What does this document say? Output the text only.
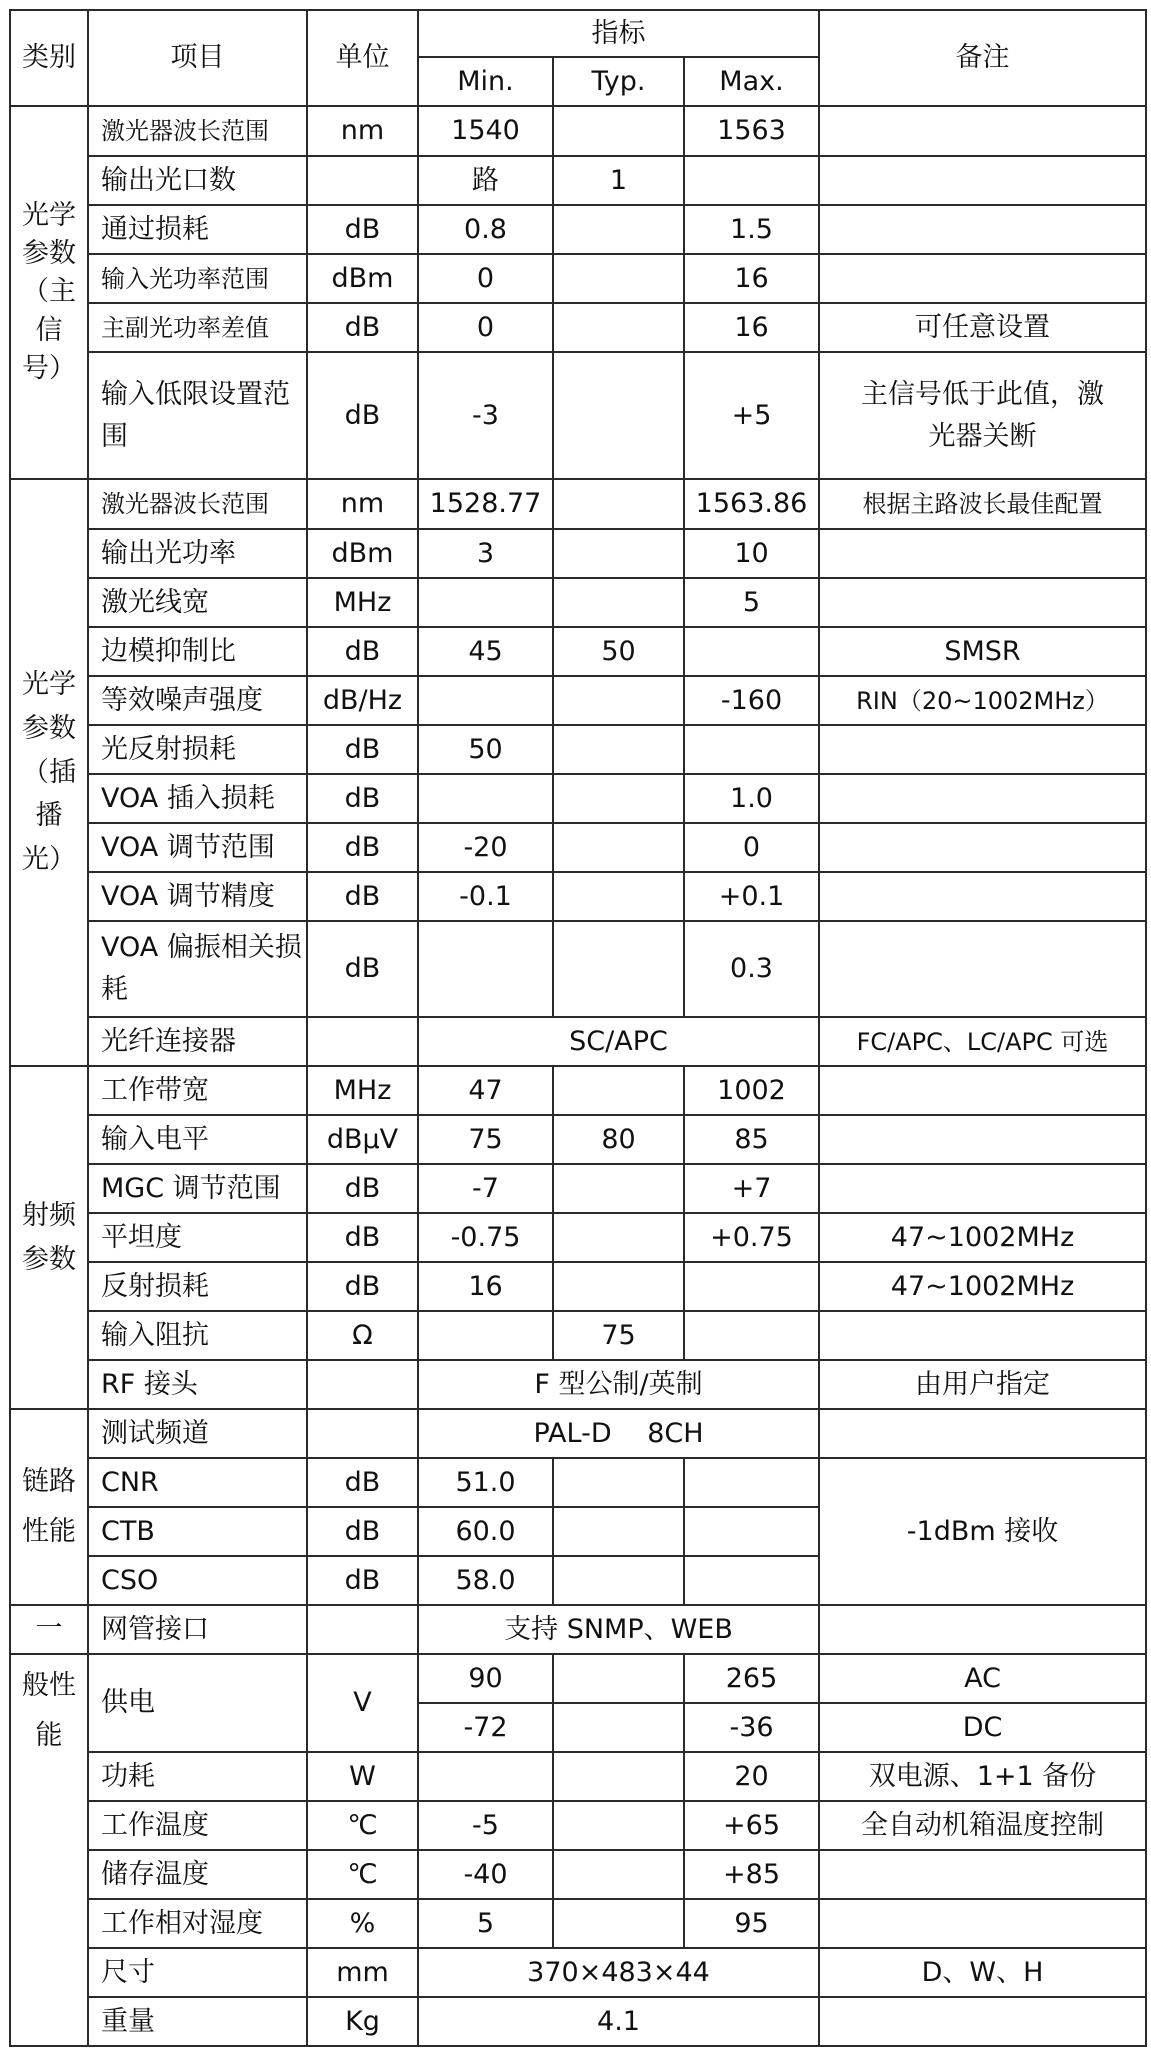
类别	项目	单位	指标			备注
			Min.	Typ.	Max.	
光学参数（主信号）	激光器波长范围	nm	1540		1563	
	输出光口数		路	1		
	通过损耗	dB	0.8		1.5	
	输入光功率范围	dBm	0		16	
	主副光功率差值	dB	0		16	可任意设置
	输入低限设置范围	dB	-3		+5	主信号低于此值，激光器关断
光学参数（插播光）	激光器波长范围	nm	1528.77		1563.86	根据主路波长最佳配置
	输出光功率	dBm	3		10	
	激光线宽	MHz			5	
	边模抑制比	dB	45	50		SMSR
	等效噪声强度	dB/Hz			-160	RIN（20~1002MHz）
	光反射损耗	dB	50			
	VOA 插入损耗	dB			1.0	
	VOA 调节范围	dB	-20		0	
	VOA 调节精度	dB	-0.1		+0.1	
	VOA 偏振相关损耗	dB			0.3	
	光纤连接器		SC/APC			FC/APC、LC/APC 可选
射频参数	工作带宽	MHz	47		1002	
	输入电平	dBμV	75	80	85	
	MGC 调节范围	dB	-7		+7	
	平坦度	dB	-0.75		+0.75	47~1002MHz
	反射损耗	dB	16			47~1002MHz
	输入阻抗	Ω		75		
	RF 接头		F 型公制/英制			由用户指定
链路性能	测试频道		PAL-D　 8CH			
	CNR	dB	51.0			-1dBm 接收
	CTB	dB	60.0			
	CSO	dB	58.0			
一	网管接口		支持 SNMP、WEB			
般性能	供电	V	90		265	AC
			-72		-36	DC
	功耗	W			20	双电源、1+1 备份
	工作温度	℃	-5		+65	全自动机箱温度控制
	储存温度	℃	-40		+85	
	工作相对湿度	%	5		95	
	尺寸	mm	370×483×44			D、W、H
	重量	Kg	4.1			
